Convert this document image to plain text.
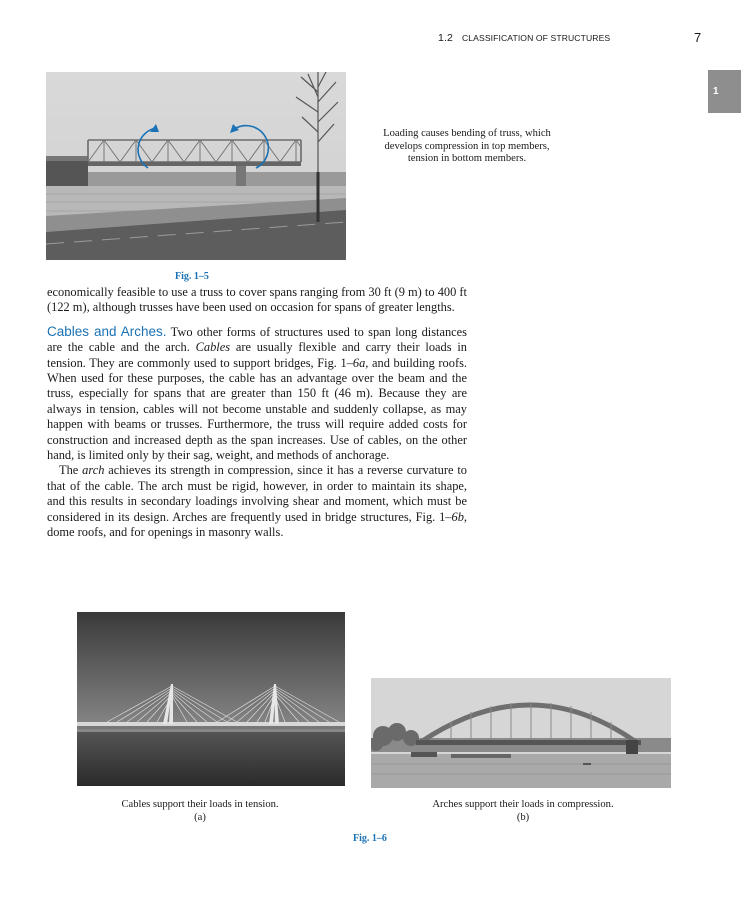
1.2 CLASSIFICATION OF STRUCTURES	7
1
Loading causes bending of truss, which develops compression in top members, tension in bottom members.
Fig. 1–5

economically feasible to use a truss to cover spans ranging from 30 ft (9 m) to 400 ft (122 m), although trusses have been used on occasion for spans of greater lengths.

Cables and Arches. Two other forms of structures used to span long distances are the cable and the arch. Cables are usually flexible and carry their loads in tension. They are commonly used to support bridges, Fig. 1–6a, and building roofs. When used for these purposes, the cable has an advantage over the beam and the truss, especially for spans that are greater than 150 ft (46 m). Because they are always in tension, cables will not become unstable and suddenly collapse, as may happen with beams or trusses. Furthermore, the truss will require added costs for construction and increased depth as the span increases. Use of cables, on the other hand, is limited only by their sag, weight, and methods of anchorage.

The arch achieves its strength in compression, since it has a reverse curvature to that of the cable. The arch must be rigid, however, in order to maintain its shape, and this results in secondary loadings involving shear and moment, which must be considered in its design. Arches are frequently used in bridge structures, Fig. 1–6b, dome roofs, and for openings in masonry walls.

Cables support their loads in tension.
(a)
Arches support their loads in compression.
(b)
Fig. 1–6
